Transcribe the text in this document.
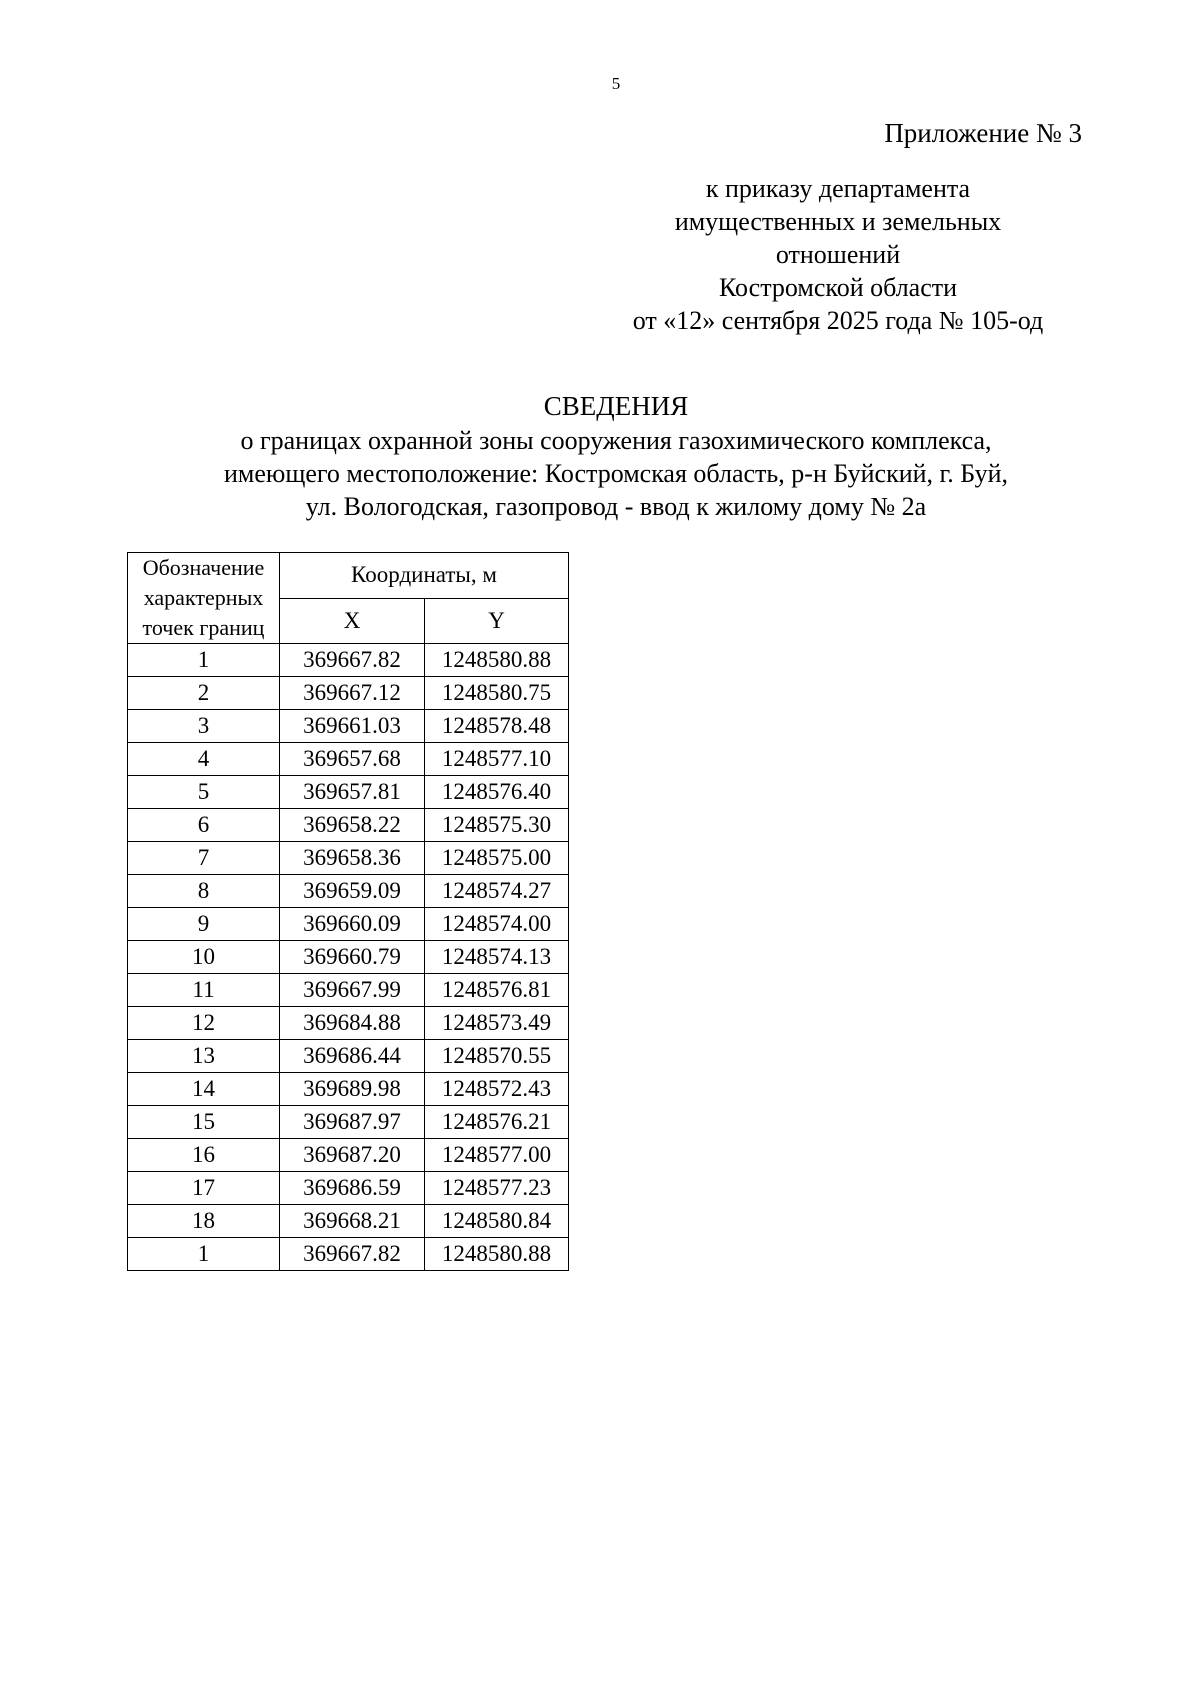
5
Приложение № 3
к приказу департамента
имущественных и земельных
отношений
Костромской области
от «12» сентября 2025 года № 105-од
СВЕДЕНИЯ
о границах охранной зоны сооружения газохимического комплекса,
имеющего местоположение: Костромская область, р-н Буйский, г. Буй,
ул. Вологодская, газопровод - ввод к жилому дому № 2а
Обозначение
характерных
точек границ	Координаты, м	
	X	Y
1	369667.82	1248580.88
2	369667.12	1248580.75
3	369661.03	1248578.48
4	369657.68	1248577.10
5	369657.81	1248576.40
6	369658.22	1248575.30
7	369658.36	1248575.00
8	369659.09	1248574.27
9	369660.09	1248574.00
10	369660.79	1248574.13
11	369667.99	1248576.81
12	369684.88	1248573.49
13	369686.44	1248570.55
14	369689.98	1248572.43
15	369687.97	1248576.21
16	369687.20	1248577.00
17	369686.59	1248577.23
18	369668.21	1248580.84
1	369667.82	1248580.88
